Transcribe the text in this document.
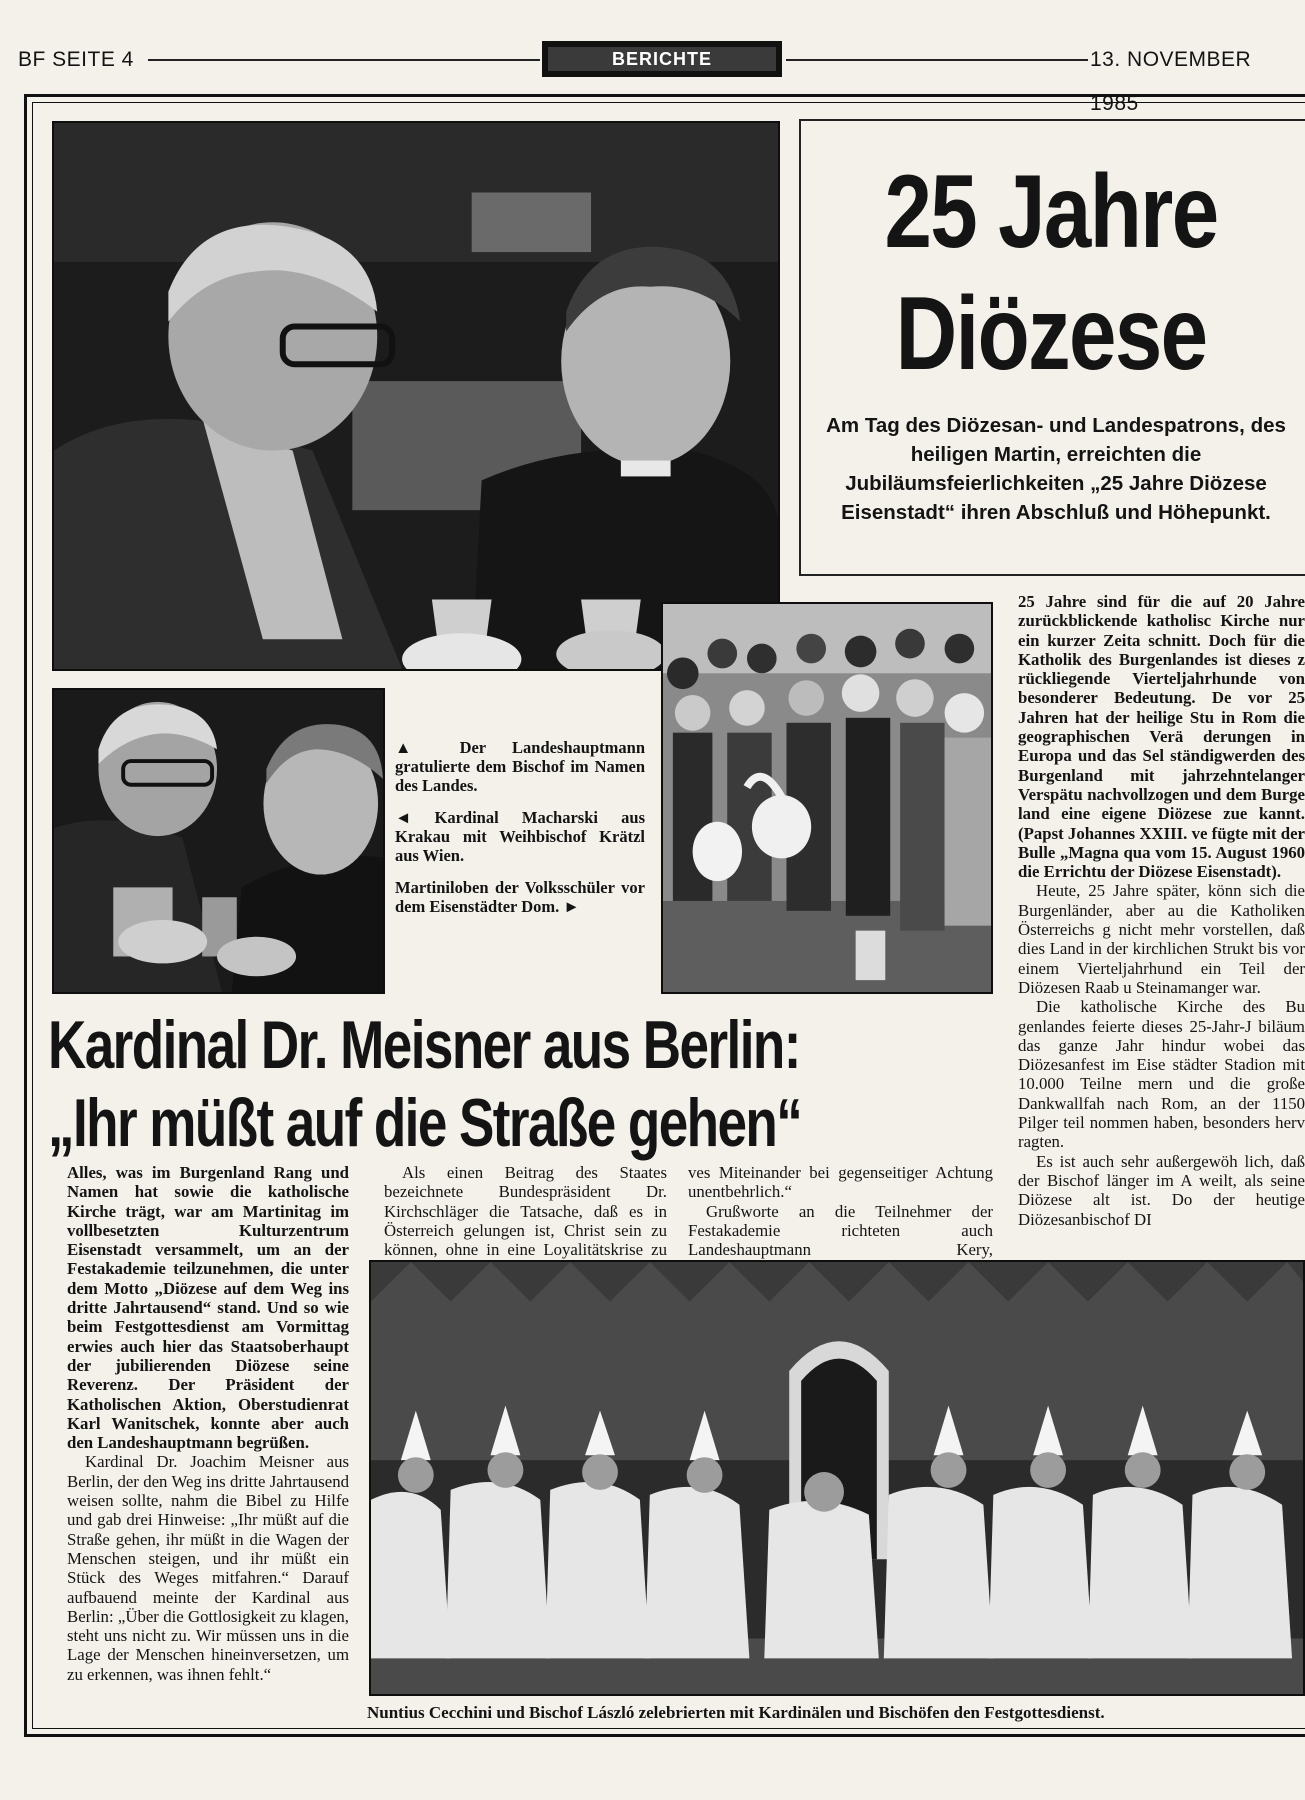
BF SEITE 4	BERICHTE	13. NOVEMBER 1985
25 Jahre
Diözese
Am Tag des Diözesan- und Landespatrons, des heiligen Martin, erreichten die Jubiläumsfeierlichkeiten „25 Jahre Diözese Eisenstadt“ ihren Abschluß und Höhepunkt.

▲ Der Landeshauptmann gratulierte dem Bischof im Namen des Landes.

◄ Kardinal Macharski aus Krakau mit Weihbischof Krätzl aus Wien.

Martiniloben der Volksschüler vor dem Eisenstädter Dom. ►

25 Jahre sind für die auf 20 Jahre zurückblickende katholisc Kirche nur ein kurzer Zeita schnitt. Doch für die Katholik des Burgenlandes ist dieses z rückliegende Vierteljahrhunde von besonderer Bedeutung. De vor 25 Jahren hat der heilige Stu in Rom die geographischen Verä derungen in Europa und das Sel ständigwerden des Burgenland mit jahrzehntelanger Verspätu nachvollzogen und dem Burge land eine eigene Diözese zue kannt. (Papst Johannes XXIII. ve fügte mit der Bulle „Magna qua vom 15. August 1960 die Errichtu der Diözese Eisenstadt).

Heute, 25 Jahre später, könn sich die Burgenländer, aber au die Katholiken Österreichs g nicht mehr vorstellen, daß dies Land in der kirchlichen Strukt bis vor einem Vierteljahrhund ein Teil der Diözesen Raab u Steinamanger war.

Die katholische Kirche des Bu genlandes feierte dieses 25-Jahr-J biläum das ganze Jahr hindur wobei das Diözesanfest im Eise städter Stadion mit 10.000 Teilne mern und die große Dankwallfah nach Rom, an der 1150 Pilger teil nommen haben, besonders herv ragten.

Es ist auch sehr außergewöh lich, daß der Bischof länger im A weilt, als seine Diözese alt ist. Do der heutige Diözesanbischof DI

Kardinal Dr. Meisner aus Berlin:
„Ihr müßt auf die Straße gehen“

Alles, was im Burgenland Rang und Namen hat sowie die katholische Kirche trägt, war am Martinitag im vollbesetzten Kulturzentrum Eisenstadt versammelt, um an der Festakademie teilzunehmen, die unter dem Motto „Diözese auf dem Weg ins dritte Jahrtausend“ stand. Und so wie beim Festgottesdienst am Vormittag erwies auch hier das Staatsoberhaupt der jubilierenden Diözese seine Reverenz. Der Präsident der Katholischen Aktion, Oberstudienrat Karl Wanitschek, konnte aber auch den Landeshauptmann begrüßen.

Kardinal Dr. Joachim Meisner aus Berlin, der den Weg ins dritte Jahrtausend weisen sollte, nahm die Bibel zu Hilfe und gab drei Hinweise: „Ihr müßt auf die Straße gehen, ihr müßt in die Wagen der Menschen steigen, und ihr müßt ein Stück des Weges mitfahren.“ Darauf aufbauend meinte der Kardinal aus Berlin: „Über die Gottlosigkeit zu klagen, steht uns nicht zu. Wir müssen uns in die Lage der Menschen hineinversetzen, um zu erkennen, was ihnen fehlt.“

Als einen Beitrag des Staates bezeichnete Bundespräsident Dr. Kirchschläger die Tatsache, daß es in Österreich gelungen ist, Christ sein zu können, ohne in eine Loyalitätskrise zu

ves Miteinander bei gegenseitiger Achtung unentbehrlich.“

Grußworte an die Teilnehmer der Festakademie richteten auch Landeshauptmann Kery,

Nuntius Cecchini und Bischof László zelebrierten mit Kardinälen und Bischöfen den Festgottesdienst.
